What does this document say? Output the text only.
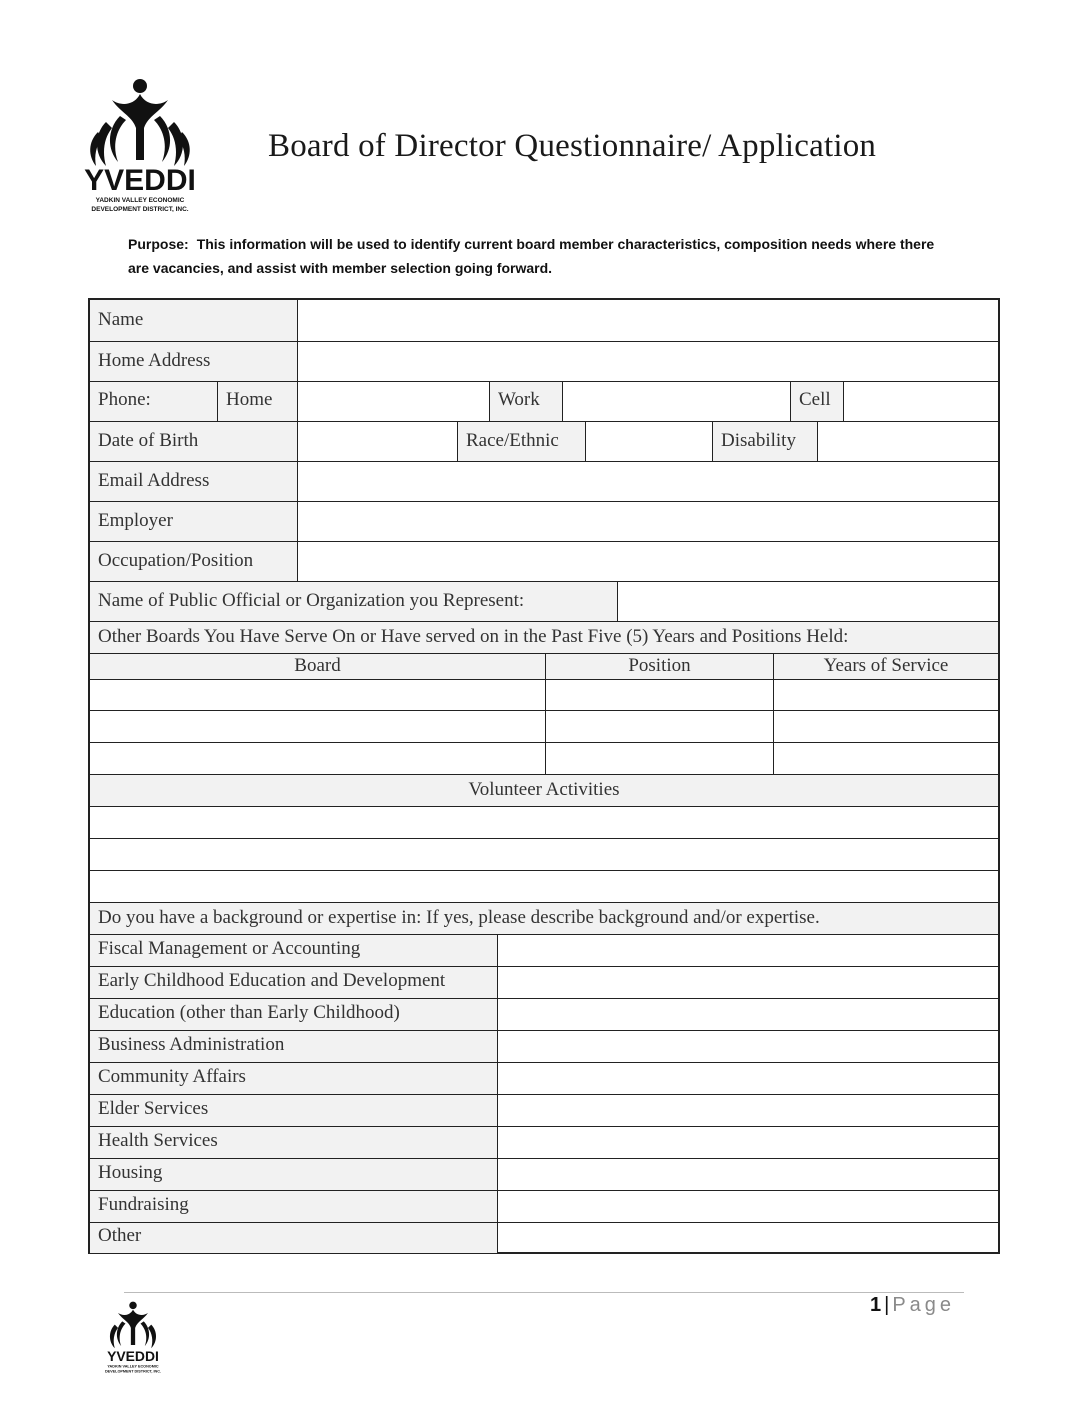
YVEDDI
YADKIN VALLEY ECONOMIC
DEVELOPMENT DISTRICT, INC.
Board of Director Questionnaire/ Application
Purpose: This information will be used to identify current board member characteristics, composition needs where there are vacancies, and assist with member selection going forward.
Name
Home Address
Phone:	Home	Work	Cell
Date of Birth	Race/Ethnic	Disability
Email Address
Employer
Occupation/Position
Name of Public Official or Organization you Represent:
Other Boards You Have Serve On or Have served on in the Past Five (5) Years and Positions Held:
Board	Position	Years of Service
Volunteer Activities
Do you have a background or expertise in: If yes, please describe background and/or expertise.
Fiscal Management or Accounting
Early Childhood Education and Development
Education (other than Early Childhood)
Business Administration
Community Affairs
Elder Services
Health Services
Housing
Fundraising
Other
1 | Page
YVEDDI
YADKIN VALLEY ECONOMIC
DEVELOPMENT DISTRICT, INC.
